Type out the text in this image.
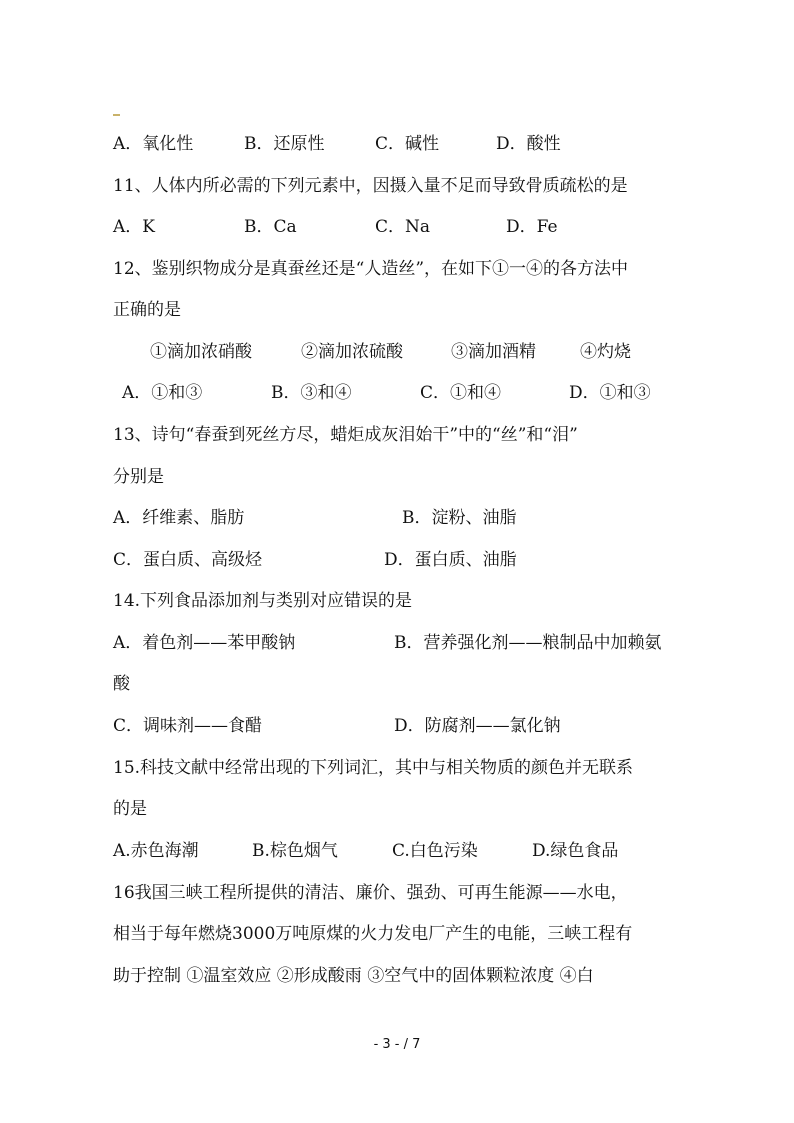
A．氧化性	B．还原性	C．碱性	D．酸性
11、人体内所必需的下列元素中，因摄入量不足而导致骨质疏松的是
A．K	B．Ca	C．Na	D．Fe
12、鉴别织物成分是真蚕丝还是“人造丝”，在如下①一④的各方法中
正确的是
①滴加浓硝酸	②滴加浓硫酸	③滴加酒精	④灼烧
A．①和③	B．③和④	C．①和④	D．①和③
13、诗句“春蚕到死丝方尽，蜡炬成灰泪始干”中的“丝”和“泪”
分别是
A．纤维素、脂肪	B．淀粉、油脂
C．蛋白质、高级烃	D．蛋白质、油脂
14.下列食品添加剂与类别对应错误的是
A．着色剂——苯甲酸钠	B．营养强化剂——粮制品中加赖氨
酸
C．调味剂——食醋	D．防腐剂——氯化钠
15.科技文献中经常出现的下列词汇，其中与相关物质的颜色并无联系
的是
A.赤色海潮	B.棕色烟气	C.白色污染	D.绿色食品
16我国三峡工程所提供的清洁、廉价、强劲、可再生能源——水电，
相当于每年燃烧3000万吨原煤的火力发电厂产生的电能，三峡工程有
助于控制 ①温室效应 ②形成酸雨 ③空气中的固体颗粒浓度 ④白
- 3 - / 7
